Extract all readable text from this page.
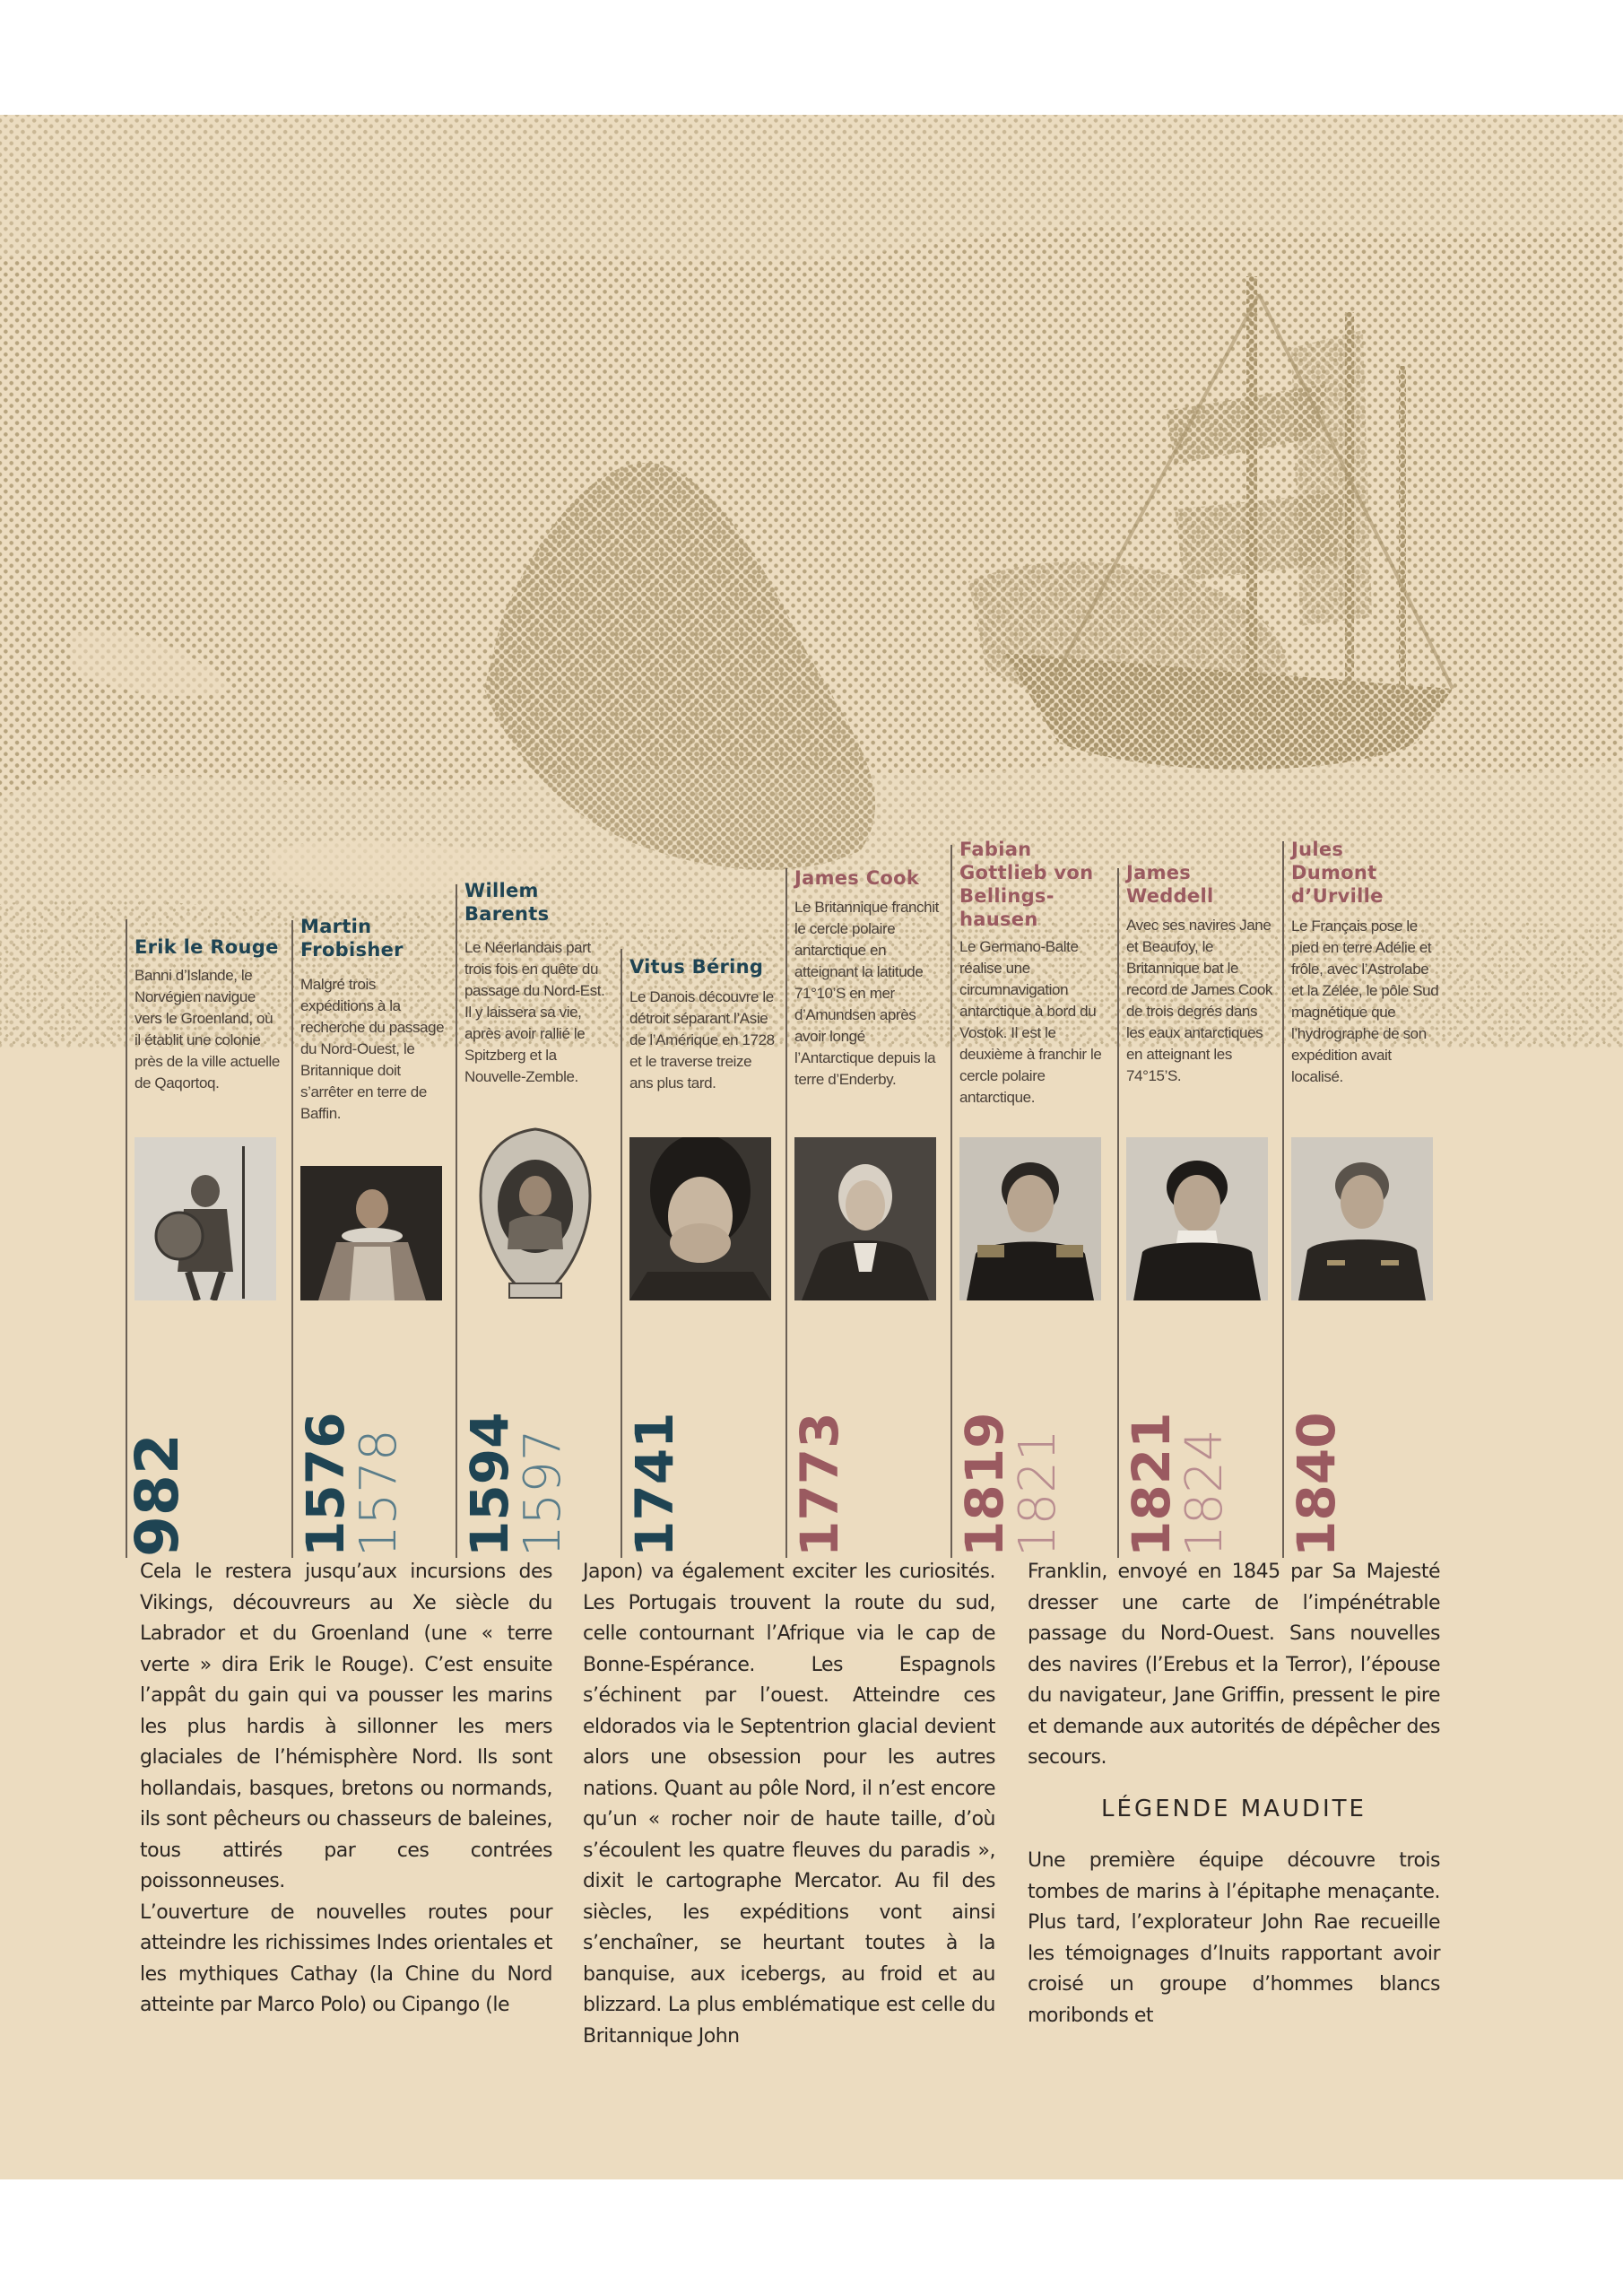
Erik le Rouge
Banni d’Islande, le Norvégien navigue vers le Groenland, où il établit une colonie près de la ville actuelle de Qaqortoq.
982
Martin Frobisher
Malgré trois expéditions à la recherche du passage du Nord-Ouest, le Britannique doit s’arrêter en terre de Baffin.
1576
1578
Willem Barents
Le Néerlandais part trois fois en quête du passage du Nord-Est. Il y laissera sa vie, après avoir rallié le Spitzberg et la Nouvelle-Zemble.
1594
1597
Vitus Béring
Le Danois découvre le détroit séparant l’Asie de l’Amérique en 1728 et le traverse treize ans plus tard.
1741
James Cook
Le Britannique franchit le cercle polaire antarctique en atteignant la latitude 71°10’S en mer d’Amundsen après avoir longé l’Antarctique depuis la terre d’Enderby.
1773
Fabian Gottlieb von Bellings-hausen
Le Germano-Balte réalise une circumnavigation antarctique à bord du Vostok. Il est le deuxième à franchir le cercle polaire antarctique.
1819
1821
James Weddell
Avec ses navires Jane et Beaufoy, le Britannique bat le record de James Cook de trois degrés dans les eaux antarctiques en atteignant les 74°15’S.
1821
1824
Jules Dumont d’Urville
Le Français pose le pied en terre Adélie et frôle, avec l’Astrolabe et la Zélée, le pôle Sud magnétique que l’hydrographe de son expédition avait localisé.
1840

Cela le restera jusqu’aux incursions des Vikings, découvreurs au Xe siècle du Labrador et du Groenland (une « terre verte » dira Erik le Rouge). C’est ensuite l’appât du gain qui va pousser les marins les plus hardis à sillonner les mers glaciales de l’hémisphère Nord. Ils sont hollandais, basques, bretons ou normands, ils sont pêcheurs ou chasseurs de baleines, tous attirés par ces contrées poissonneuses.

L’ouverture de nouvelles routes pour atteindre les richissimes Indes orientales et les mythiques Cathay (la Chine du Nord atteinte par Marco Polo) ou Cipango (le

Japon) va également exciter les curiosités. Les Portugais trouvent la route du sud, celle contournant l’Afrique via le cap de Bonne-Espérance. Les Espagnols s’échinent par l’ouest. Atteindre ces eldorados via le Septentrion glacial devient alors une obsession pour les autres nations. Quant au pôle Nord, il n’est encore qu’un « rocher noir de haute taille, d’où s’écoulent les quatre fleuves du paradis », dixit le cartographe Mercator. Au fil des siècles, les expéditions vont ainsi s’enchaîner, se heurtant toutes à la banquise, aux icebergs, au froid et au blizzard. La plus emblématique est celle du Britannique John

Franklin, envoyé en 1845 par Sa Majesté dresser une carte de l’impénétrable passage du Nord-Ouest. Sans nouvelles des navires (l’Erebus et la Terror), l’épouse du navigateur, Jane Griffin, pressent le pire et demande aux autorités de dépêcher des secours.

LÉGENDE MAUDITE

Une première équipe découvre trois tombes de marins à l’épitaphe menaçante. Plus tard, l’explorateur John Rae recueille les témoignages d’Inuits rapportant avoir croisé un groupe d’hommes blancs moribonds et
